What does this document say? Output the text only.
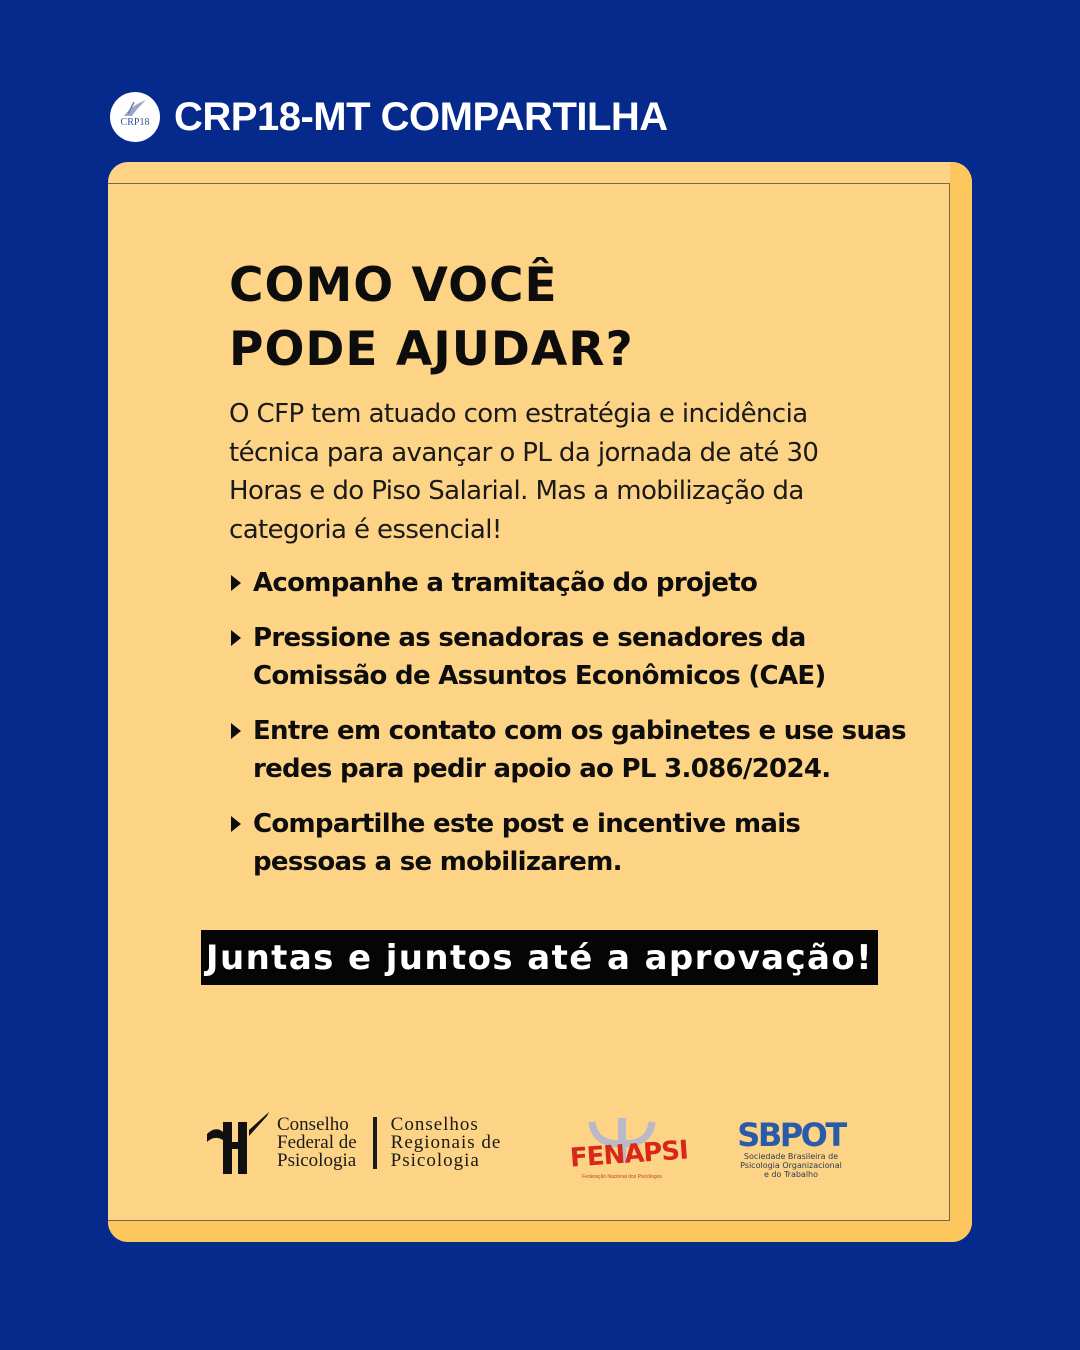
CRP18 CRP18-MT COMPARTILHA
COMO VOCÊ
PODE AJUDAR?

O CFP tem atuado com estratégia e incidência
técnica para avançar o PL da jornada de até 30
Horas e do Piso Salarial. Mas a mobilização da
categoria é essencial!

Acompanhe a tramitação do projeto
Pressione as senadoras e senadores da
Comissão de Assuntos Econômicos (CAE)
Entre em contato com os gabinetes e use suas
redes para pedir apoio ao PL 3.086/2024.
Compartilhe este post e incentive mais
pessoas a se mobilizarem.
Juntas e juntos até a aprovação!
Conselho
Federal de
Psicologia
Conselhos
Regionais de
Psicologia	FENAPSI
Federação Nacional dos Psicólogos
SBPOT
Sociedade Brasileira de
Psicologia Organizacional
e do Trabalho
